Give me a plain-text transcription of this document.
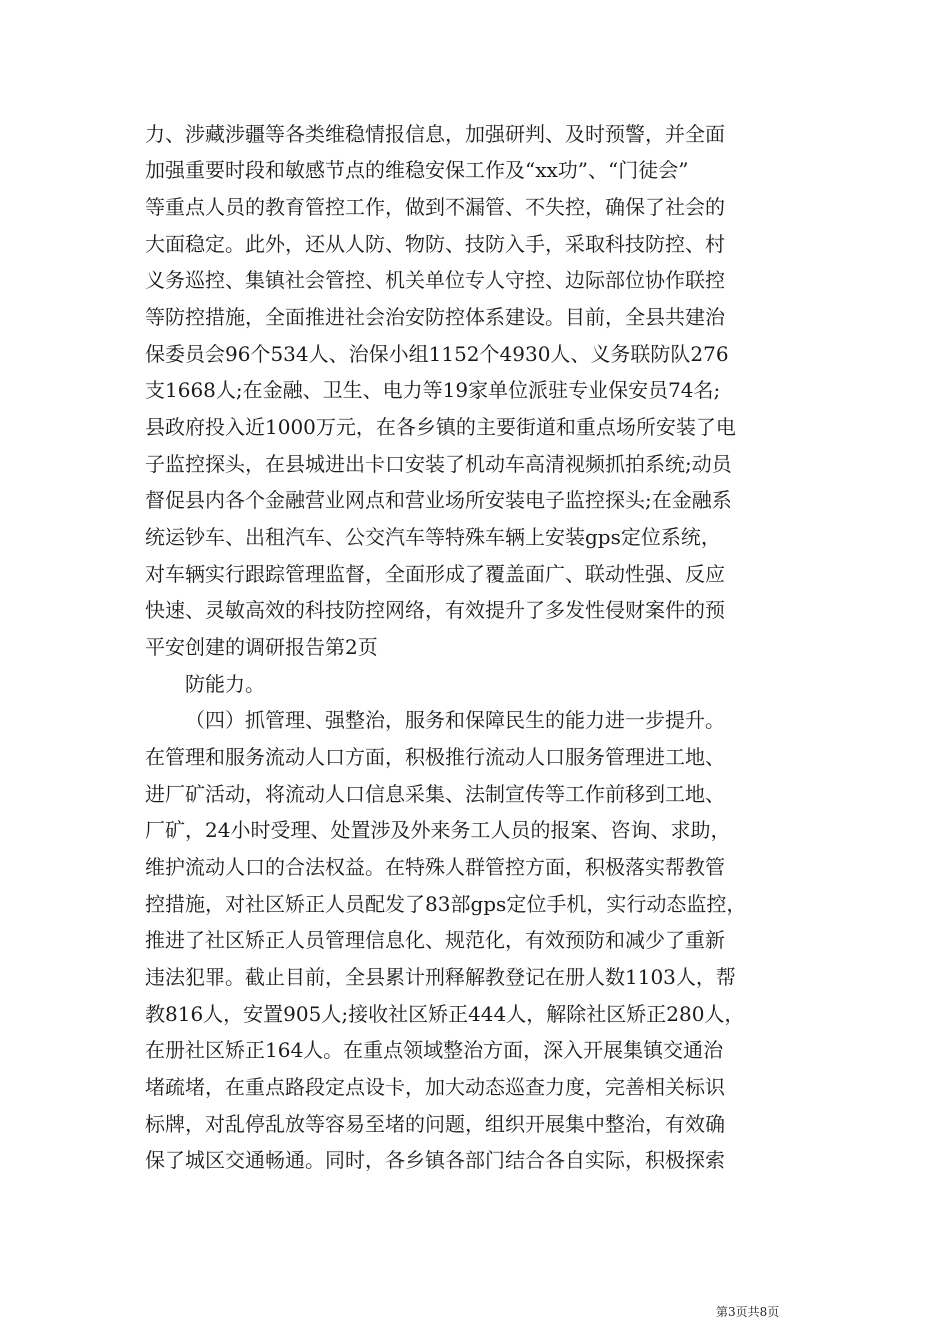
力、涉藏涉疆等各类维稳情报信息，加强研判、及时预警，并全面
加强重要时段和敏感节点的维稳安保工作及“xx功”、“门徒会”
等重点人员的教育管控工作，做到不漏管、不失控，确保了社会的
大面稳定。此外，还从人防、物防、技防入手，采取科技防控、村
义务巡控、集镇社会管控、机关单位专人守控、边际部位协作联控
等防控措施，全面推进社会治安防控体系建设。目前，全县共建治
保委员会96个534人、治保小组1152个4930人、义务联防队276
支1668人;在金融、卫生、电力等19家单位派驻专业保安员74名;
县政府投入近1000万元，在各乡镇的主要街道和重点场所安装了电
子监控探头，在县城进出卡口安装了机动车高清视频抓拍系统;动员
督促县内各个金融营业网点和营业场所安装电子监控探头;在金融系
统运钞车、出租汽车、公交汽车等特殊车辆上安装gps定位系统，
对车辆实行跟踪管理监督，全面形成了覆盖面广、联动性强、反应
快速、灵敏高效的科技防控网络，有效提升了多发性侵财案件的预
平安创建的调研报告第2页
防能力。
（四）抓管理、强整治，服务和保障民生的能力进一步提升。
在管理和服务流动人口方面，积极推行流动人口服务管理进工地、
进厂矿活动，将流动人口信息采集、法制宣传等工作前移到工地、
厂矿，24小时受理、处置涉及外来务工人员的报案、咨询、求助，
维护流动人口的合法权益。在特殊人群管控方面，积极落实帮教管
控措施，对社区矫正人员配发了83部gps定位手机，实行动态监控，
推进了社区矫正人员管理信息化、规范化，有效预防和减少了重新
违法犯罪。截止目前，全县累计刑释解教登记在册人数1103人，帮
教816人，安置905人;接收社区矫正444人，解除社区矫正280人，
在册社区矫正164人。在重点领域整治方面，深入开展集镇交通治
堵疏堵，在重点路段定点设卡，加大动态巡查力度，完善相关标识
标牌，对乱停乱放等容易至堵的问题，组织开展集中整治，有效确
保了城区交通畅通。同时，各乡镇各部门结合各自实际，积极探索
第3页共8页
